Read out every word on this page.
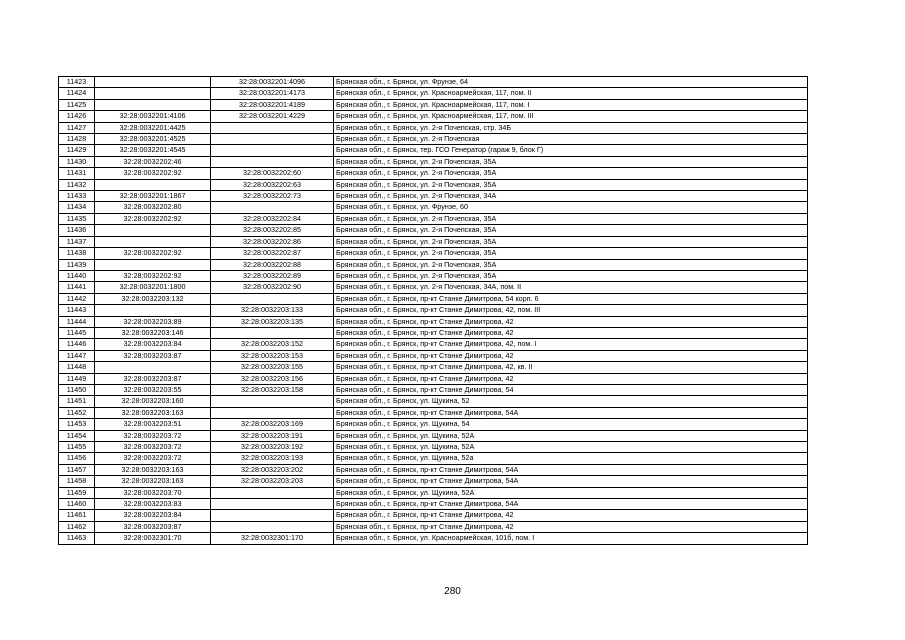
11423		32:28:0032201:4096	Брянская обл., г. Брянск, ул. Фрунзе, 64
11424		32:28:0032201:4173	Брянская обл., г. Брянск, ул. Красноармейская, 117, пом. II
11425		32:28:0032201:4189	Брянская обл., г. Брянск, ул. Красноармейская, 117, пом. I
11426	32:28:0032201:4106	32:28:0032201:4229	Брянская обл., г. Брянск, ул. Красноармейская, 117, пом. III
11427	32:28:0032201:4425		Брянская обл., г. Брянск, ул. 2-я Почепская, стр. 34Б
11428	32:28:0032201:4525		Брянская обл., г. Брянск, ул. 2-я Почепская
11429	32:28:0032201:4545		Брянская обл., г. Брянск, тер. ГСО Генератор (гараж 9, блок Г)
11430	32:28:0032202:46		Брянская обл., г. Брянск, ул. 2-я Почепская, 35А
11431	32:28:0032202:92	32:28:0032202:60	Брянская обл., г. Брянск, ул. 2-я Почепская, 35А
11432		32:28:0032202:63	Брянская обл., г. Брянск, ул. 2-я Почепская, 35А
11433	32:28:0032201:1867	32:28:0032202:73	Брянская обл., г. Брянск, ул. 2-я Почепская, 34А
11434	32:28:0032202:80		Брянская обл., г. Брянск, ул. Фрунзе, 60
11435	32:28:0032202:92	32:28:0032202:84	Брянская обл., г. Брянск, ул. 2-я Почепская, 35А
11436		32:28:0032202:85	Брянская обл., г. Брянск, ул. 2-я Почепская, 35А
11437		32:28:0032202:86	Брянская обл., г. Брянск, ул. 2-я Почепская, 35А
11438	32:28:0032202:92	32:28:0032202:87	Брянская обл., г. Брянск, ул. 2-я Почепская, 35А
11439		32:28:0032202:88	Брянская обл., г. Брянск, ул. 2-я Почепская, 35А
11440	32:28:0032202:92	32:28:0032202:89	Брянская обл., г. Брянск, ул. 2-я Почепская, 35А
11441	32:28:0032201:1800	32:28:0032202:90	Брянская обл., г. Брянск, ул. 2-я Почепская, 34А, пом. II
11442	32:28:0032203:132		Брянская обл., г. Брянск, пр-кт Станке Димитрова, 54 корп. 6
11443		32:28:0032203:133	Брянская обл., г. Брянск, пр-кт Станке Димитрова, 42, пом. III
11444	32:28:0032203:89	32:28:0032203:135	Брянская обл., г. Брянск, пр-кт Станке Димитрова, 42
11445	32:28:0032203:146		Брянская обл., г. Брянск, пр-кт Станке Димитрова, 42
11446	32:28:0032203:84	32:28:0032203:152	Брянская обл., г. Брянск, пр-кт Станке Димитрова, 42, пом. I
11447	32:28:0032203:87	32:28:0032203:153	Брянская обл., г. Брянск, пр-кт Станке Димитрова, 42
11448		32:28:0032203:155	Брянская обл., г. Брянск, пр-кт Станке Димитрова, 42, кв. II
11449	32:28:0032203:87	32:28:0032203:156	Брянская обл., г. Брянск, пр-кт Станке Димитрова, 42
11450	32:28:0032203:55	32:28:0032203:158	Брянская обл., г. Брянск, пр-кт Станке Димитрова, 54
11451	32:28:0032203:160		Брянская обл., г. Брянск, ул. Щукина, 52
11452	32:28:0032203:163		Брянская обл., г. Брянск, пр-кт Станке Димитрова, 54А
11453	32:28:0032203:51	32:28:0032203:169	Брянская обл., г. Брянск, ул. Щукина, 54
11454	32:28:0032203:72	32:28:0032203:191	Брянская обл., г. Брянск, ул. Щукина, 52А
11455	32:28:0032203:72	32:28:0032203:192	Брянская обл., г. Брянск, ул. Щукина, 52А
11456	32:28:0032203:72	32:28:0032203:193	Брянская обл., г. Брянск, ул. Щукина, 52а
11457	32:28:0032203:163	32:28:0032203:202	Брянская обл., г. Брянск, пр-кт Станке Димитрова, 54А
11458	32:28:0032203:163	32:28:0032203:203	Брянская обл., г. Брянск, пр-кт Станке Димитрова, 54А
11459	32:28:0032203:70		Брянская обл., г. Брянск, ул. Щукина, 52А
11460	32:28:0032203:83		Брянская обл., г. Брянск, пр-кт Станке Димитрова, 54А
11461	32:28:0032203:84		Брянская обл., г. Брянск, пр-кт Станке Димитрова, 42
11462	32:28:0032203:87		Брянская обл., г. Брянск, пр-кт Станке Димитрова, 42
11463	32:28:0032301:70	32:28:0032301:170	Брянская обл., г. Брянск, ул. Красноармейская, 101б, пом. I
280
